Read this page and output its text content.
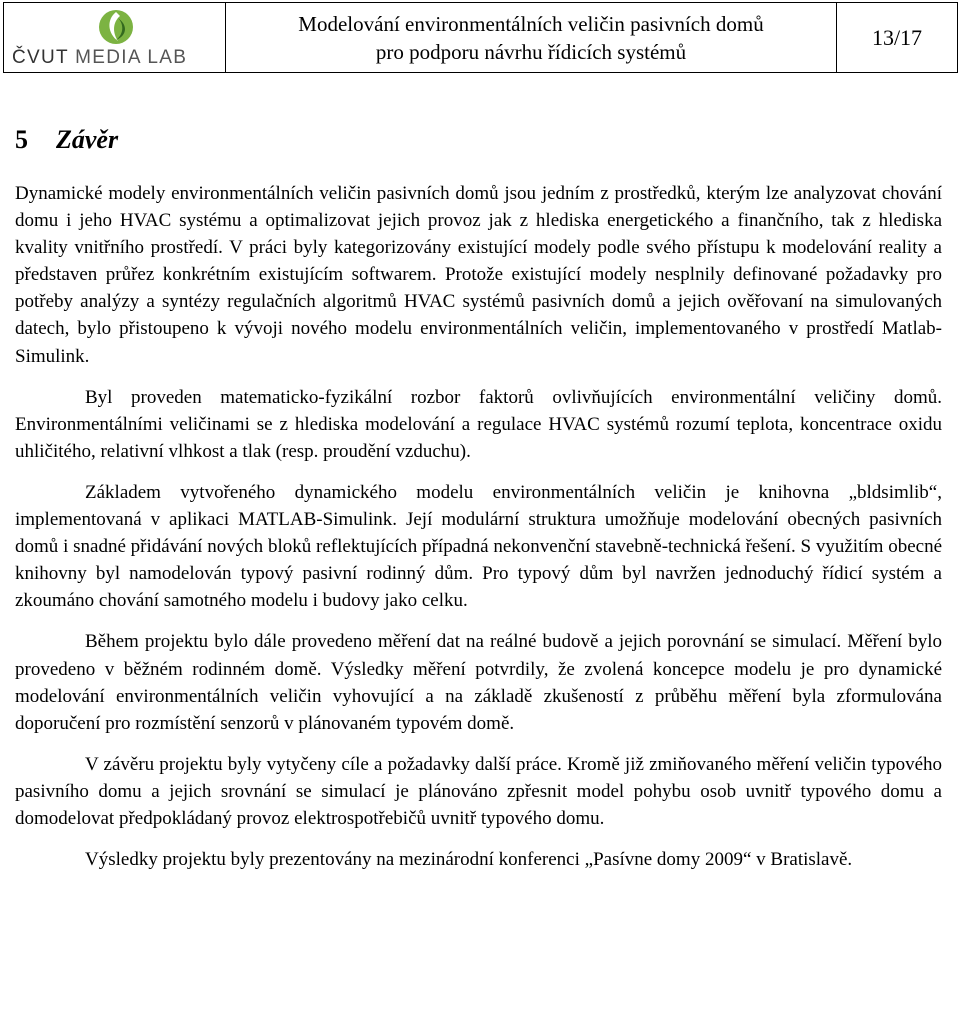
ČVUT MEDIA LAB
Modelování environmentálních veličin pasivních domů
pro podporu návrhu řídicích systémů
13/17
5 Závěr

Dynamické modely environmentálních veličin pasivních domů jsou jedním z prostředků, kterým lze analyzovat chování domu i jeho HVAC systému a optimalizovat jejich provoz jak z hlediska energetického a finančního, tak z hlediska kvality vnitřního prostředí. V práci byly kategorizovány existující modely podle svého přístupu k modelování reality a představen průřez konkrétním existujícím softwarem. Protože existující modely nesplnily definované požadavky pro potřeby analýzy a syntézy regulačních algoritmů HVAC systémů pasivních domů a jejich ověřovaní na simulovaných datech, bylo přistoupeno k vývoji nového modelu environmentálních veličin, implementovaného v prostředí Matlab-Simulink.

Byl proveden matematicko-fyzikální rozbor faktorů ovlivňujících environmentální veličiny domů. Environmentálními veličinami se z hlediska modelování a regulace HVAC systémů rozumí teplota, koncentrace oxidu uhličitého, relativní vlhkost a tlak (resp. proudění vzduchu).

Základem vytvořeného dynamického modelu environmentálních veličin je knihovna „bldsimlib“, implementovaná v aplikaci MATLAB-Simulink. Její modulární struktura umožňuje modelování obecných pasivních domů i snadné přidávání nových bloků reflektujících případná nekonvenční stavebně-technická řešení. S využitím obecné knihovny byl namodelován typový pasivní rodinný dům. Pro typový dům byl navržen jednoduchý řídicí systém a zkoumáno chování samotného modelu i budovy jako celku.

Během projektu bylo dále provedeno měření dat na reálné budově a jejich porovnání se simulací. Měření bylo provedeno v běžném rodinném domě. Výsledky měření potvrdily, že zvolená koncepce modelu je pro dynamické modelování environmentálních veličin vyhovující a na základě zkušeností z průběhu měření byla zformulována doporučení pro rozmístění senzorů v plánovaném typovém domě.

V závěru projektu byly vytyčeny cíle a požadavky další práce. Kromě již zmiňovaného měření veličin typového pasivního domu a jejich srovnání se simulací je plánováno zpřesnit model pohybu osob uvnitř typového domu a domodelovat předpokládaný provoz elektrospotřebičů uvnitř typového domu.

Výsledky projektu byly prezentovány na mezinárodní konferenci „Pasívne domy 2009“ v Bratislavě.
